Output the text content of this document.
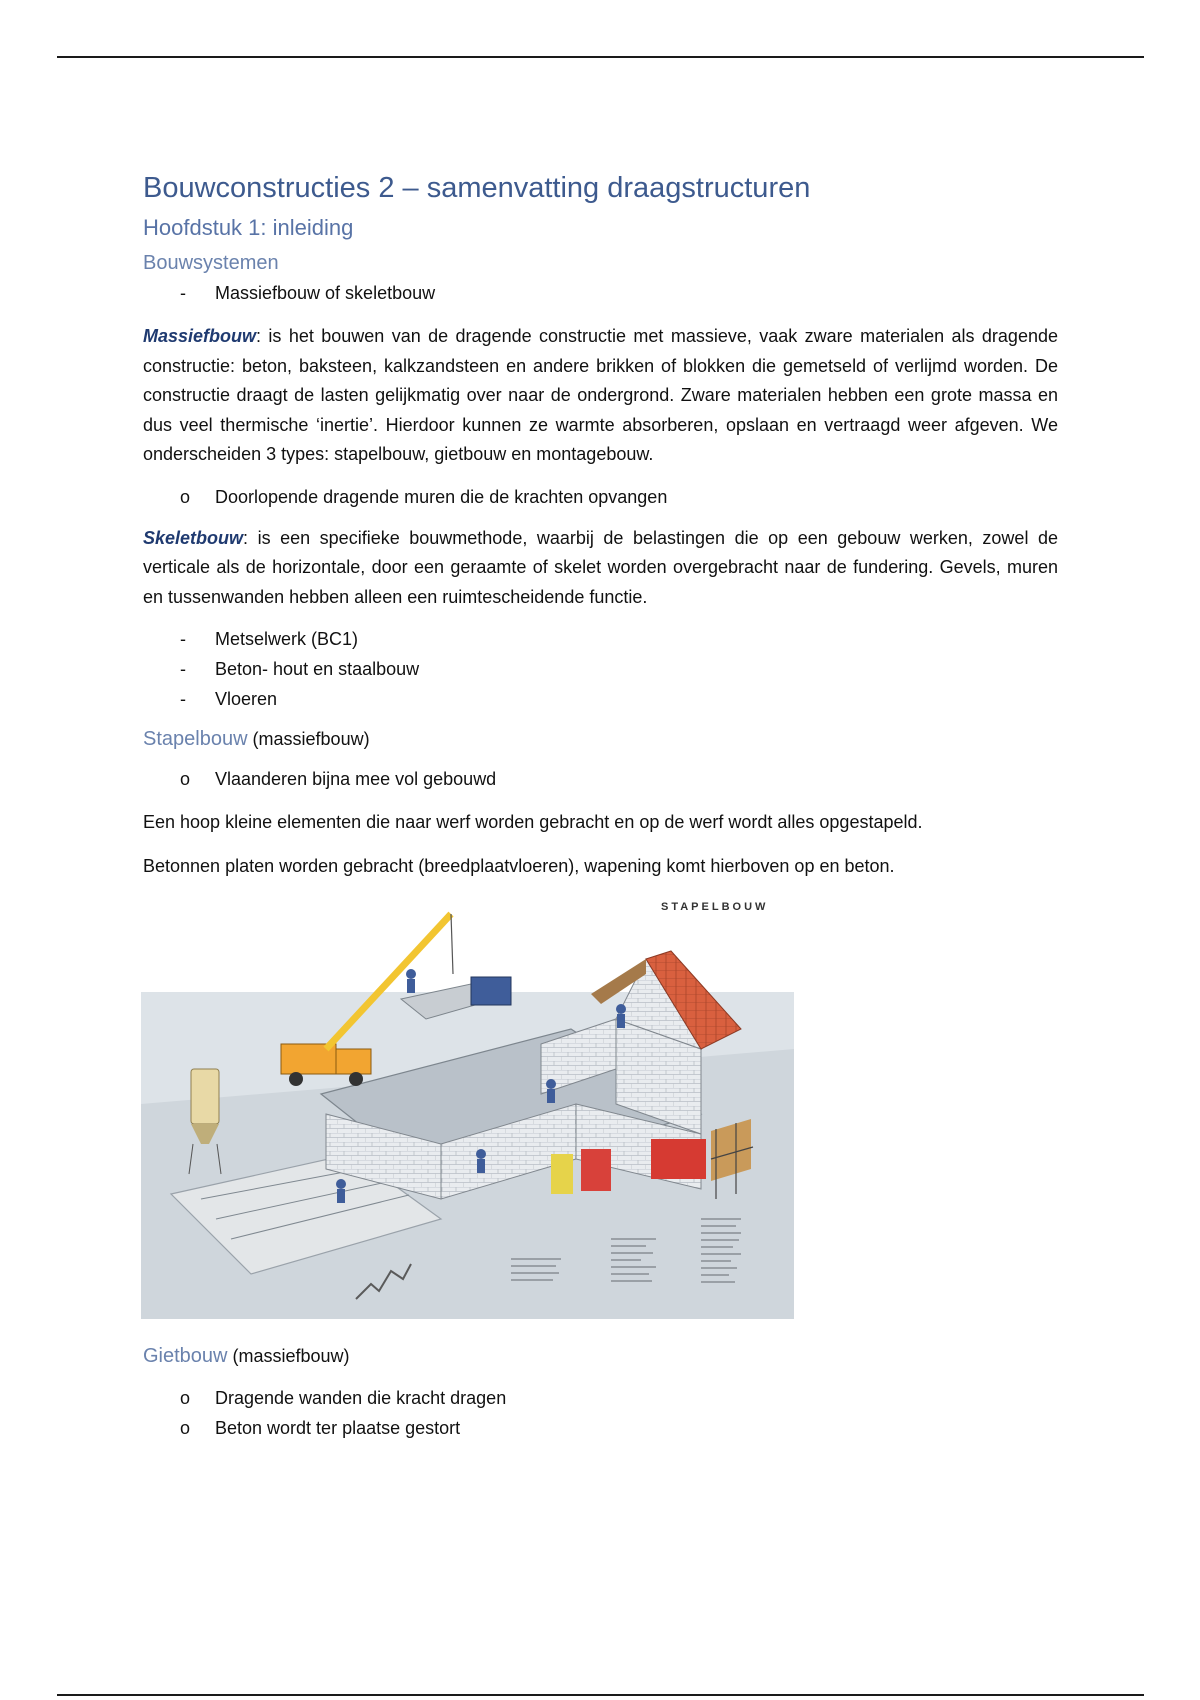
Bouwconstructies 2 – samenvatting draagstructuren
Hoofdstuk 1: inleiding
Bouwsystemen
-	Massiefbouw of skeletbouw

Massiefbouw: is het bouwen van de dragende constructie met massieve, vaak zware materialen als dragende constructie: beton, baksteen, kalkzandsteen en andere brikken of blokken die gemetseld of verlijmd worden. De constructie draagt de lasten gelijkmatig over naar de ondergrond. Zware materialen hebben een grote massa en dus veel thermische ‘inertie’. Hierdoor kunnen ze warmte absorberen, opslaan en vertraagd weer afgeven. We onderscheiden 3 types: stapelbouw, gietbouw en montagebouw.

o	Doorlopende dragende muren die de krachten opvangen

Skeletbouw: is een specifieke bouwmethode, waarbij de belastingen die op een gebouw werken, zowel de verticale als de horizontale, door een geraamte of skelet worden overgebracht naar de fundering. Gevels, muren en tussenwanden hebben alleen een ruimtescheidende functie.

-	Metselwerk (BC1)
-	Beton- hout en staalbouw
-	Vloeren
Stapelbouw (massiefbouw)
o	Vlaanderen bijna mee vol gebouwd

Een hoop kleine elementen die naar werf worden gebracht en op de werf wordt alles opgestapeld.

Betonnen platen worden gebracht (breedplaatvloeren), wapening komt hierboven op en beton.

STAPELBOUW
Gietbouw (massiefbouw)
o	Dragende wanden die kracht dragen
o	Beton wordt ter plaatse gestort
